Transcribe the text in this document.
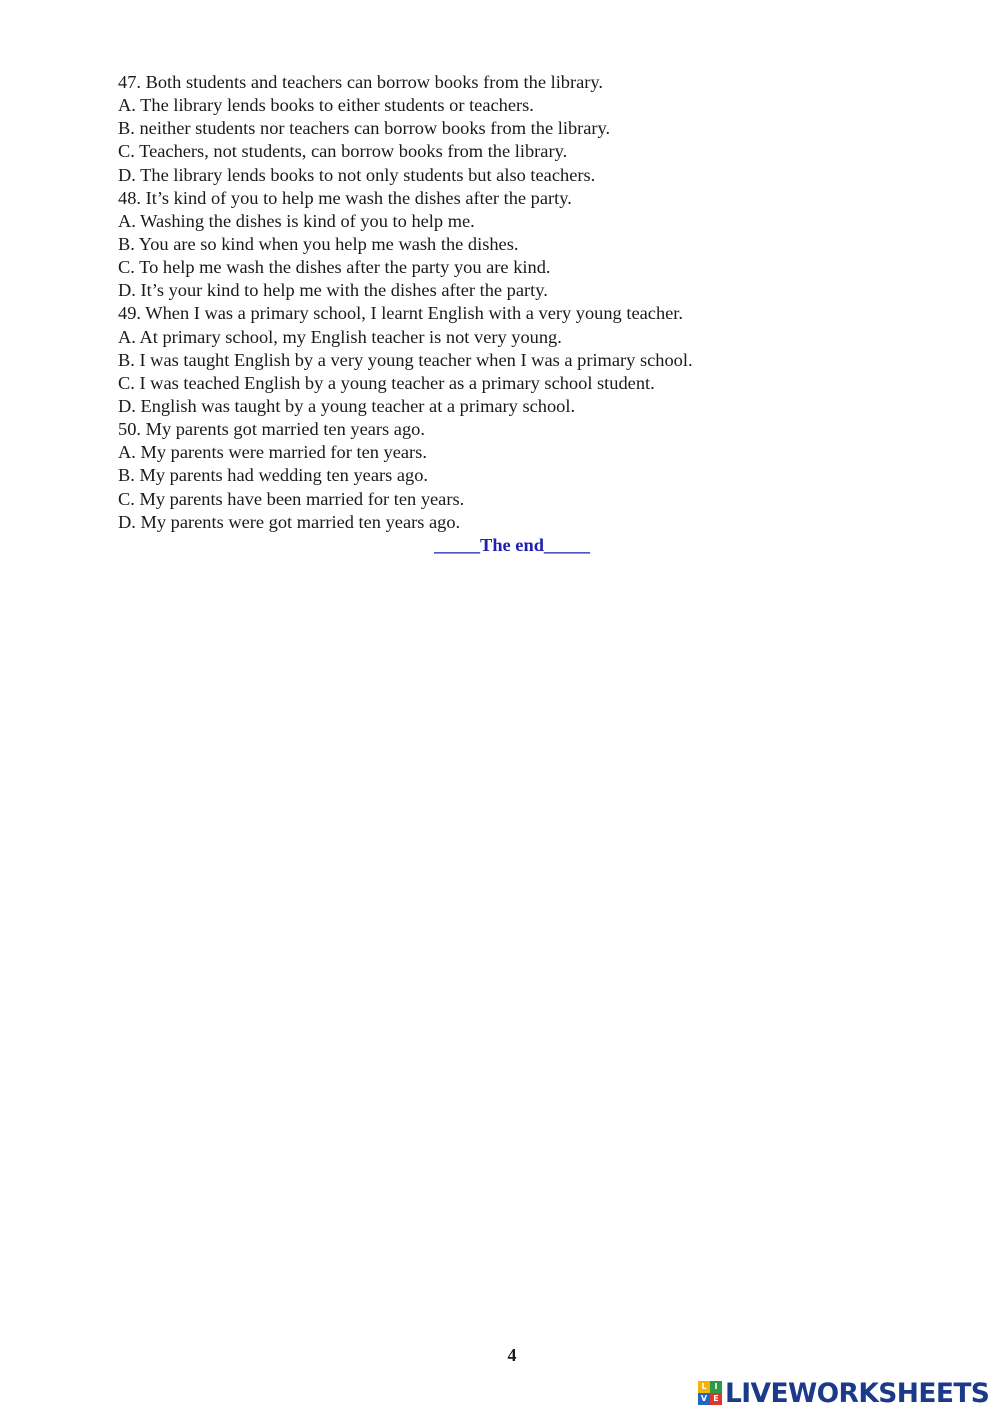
47. Both students and teachers can borrow books from the library.
A. The library lends books to either students or teachers.
B. neither students nor teachers can borrow books from the library.
C. Teachers, not students, can borrow books from the library.
D. The library lends books to not only students but also teachers.
48. It’s kind of you to help me wash the dishes after the party.
A. Washing the dishes is kind of you to help me.
B. You are so kind when you help me wash the dishes.
C. To help me wash the dishes after the party you are kind.
D. It’s your kind to help me with the dishes after the party.
49. When I was a primary school, I learnt English with a very young teacher.
A. At primary school, my English teacher is not very young.
B. I was taught English by a very young teacher when I was a primary school.
C. I was teached English by a young teacher as a primary school student.
D. English was taught by a young teacher at a primary school.
50. My parents got married ten years ago.
A. My parents were married for ten years.
B. My parents had wedding ten years ago.
C. My parents have been married for ten years.
D. My parents were got married ten years ago.
_____The end_____
4
L I
V E LIVEWORKSHEETS
